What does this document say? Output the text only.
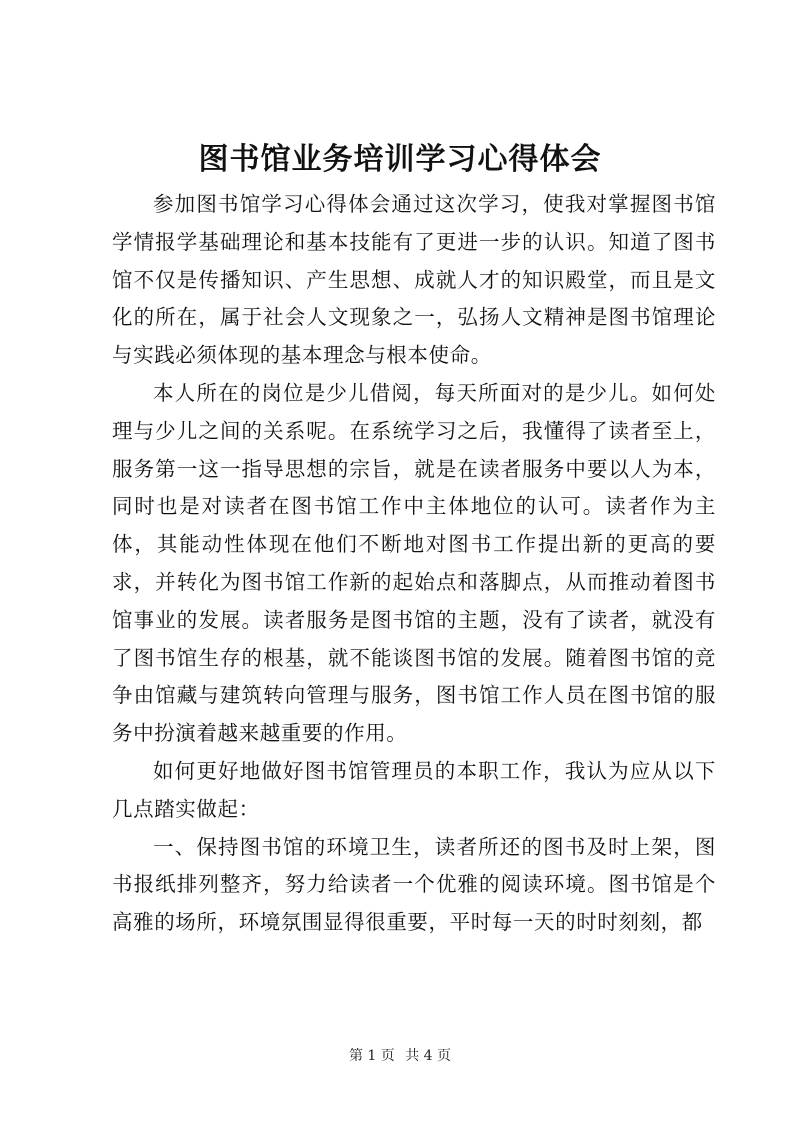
图书馆业务培训学习心得体会

参加图书馆学习心得体会通过这次学习，使我对掌握图书馆学情报学基础理论和基本技能有了更进一步的认识。知道了图书馆不仅是传播知识、产生思想、成就人才的知识殿堂，而且是文化的所在，属于社会人文现象之一，弘扬人文精神是图书馆理论与实践必须体现的基本理念与根本使命。

本人所在的岗位是少儿借阅，每天所面对的是少儿。如何处理与少儿之间的关系呢。在系统学习之后，我懂得了读者至上，服务第一这一指导思想的宗旨，就是在读者服务中要以人为本，同时也是对读者在图书馆工作中主体地位的认可。读者作为主体，其能动性体现在他们不断地对图书工作提出新的更高的要求，并转化为图书馆工作新的起始点和落脚点，从而推动着图书馆事业的发展。读者服务是图书馆的主题，没有了读者，就没有了图书馆生存的根基，就不能谈图书馆的发展。随着图书馆的竞争由馆藏与建筑转向管理与服务，图书馆工作人员在图书馆的服务中扮演着越来越重要的作用。

如何更好地做好图书馆管理员的本职工作，我认为应从以下几点踏实做起：

一、保持图书馆的环境卫生，读者所还的图书及时上架，图书报纸排列整齐，努力给读者一个优雅的阅读环境。图书馆是个高雅的场所，环境氛围显得很重要，平时每一天的时时刻刻，都

第 1 页 共 4 页
